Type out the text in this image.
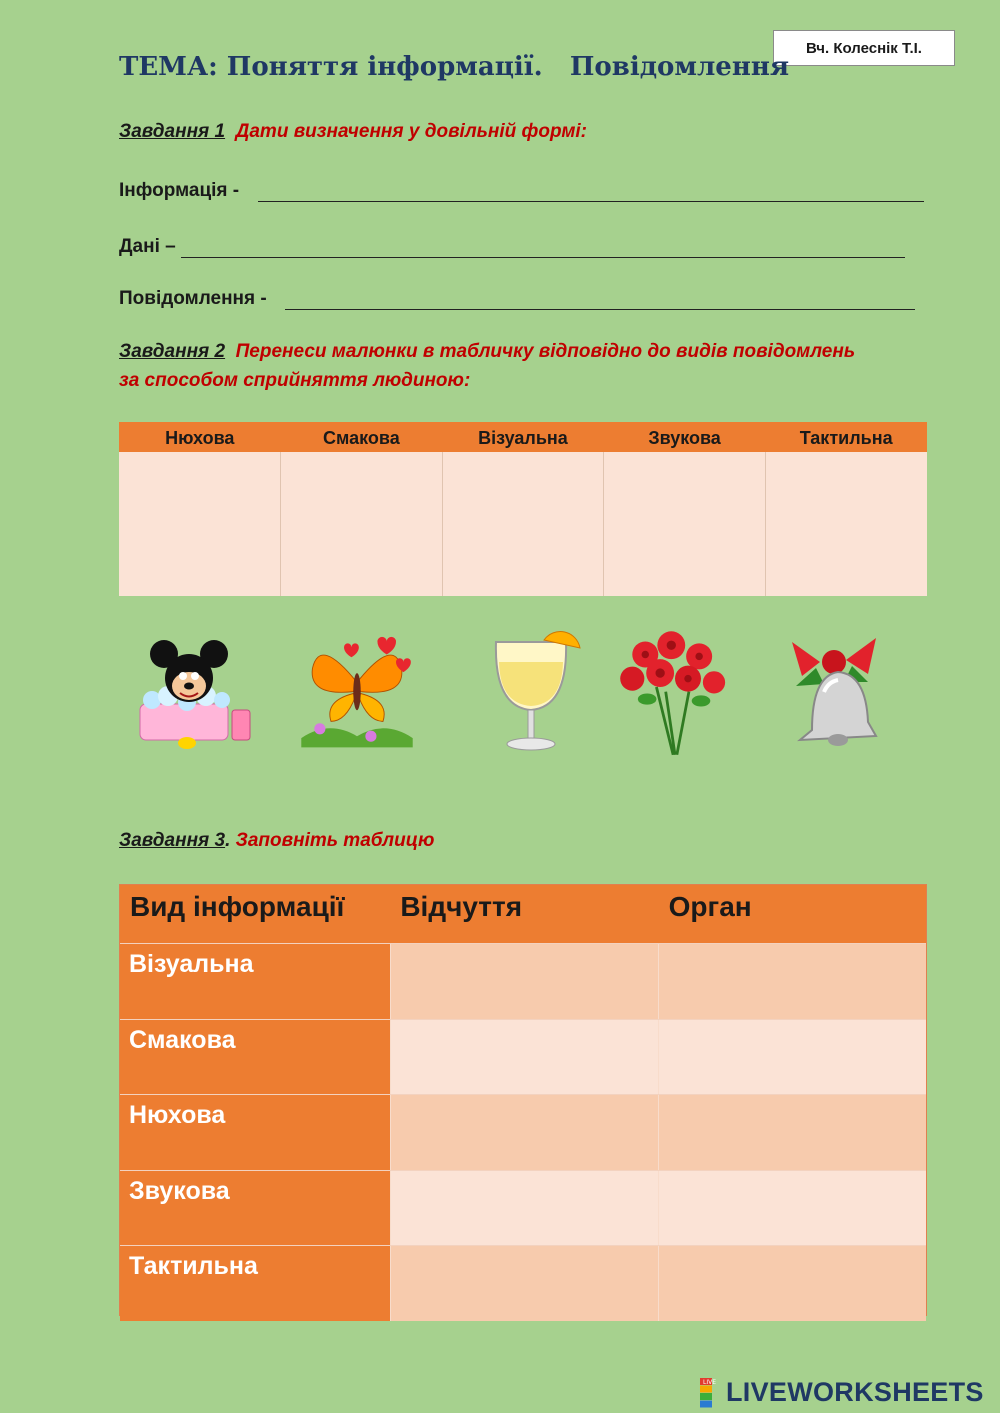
Вч. Колеснік Т.І.
ТЕМА: Поняття інформації.   Повідомлення
Завдання 1 Дати визначення у довільній формі:
Інформація -
Дані –
Повідомлення -
Завдання 2 Перенеси малюнки в табличку відповідно до видів повідомлень
за способом сприйняття людиною:
Нюхова	Смакова	Візуальна	Звукова	Тактильна
Завдання 3. Заповніть таблицю
Вид інформації	Відчуття	Орган
Візуальна
Смакова
Нюхова
Звукова
Тактильна
LIVE LIVEWORKSHEETS
